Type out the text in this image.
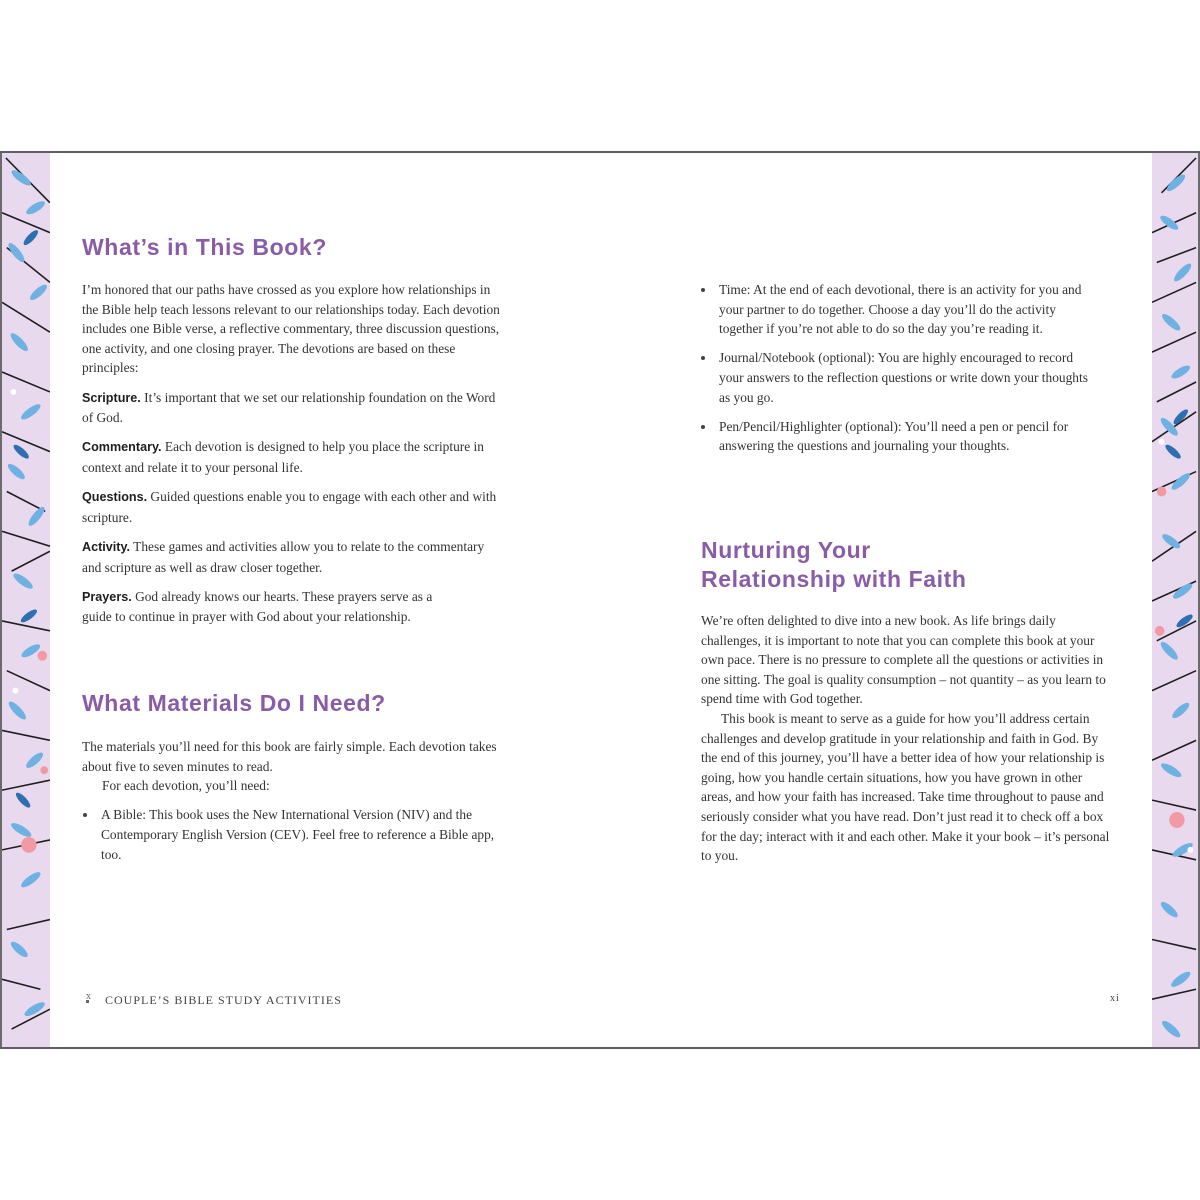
What’s in This Book?

I’m honored that our paths have crossed as you explore how relationships in the Bible help teach lessons relevant to our relationships today. Each devotion includes one Bible verse, a reflective commentary, three discussion questions, one activity, and one closing prayer. The devotions are based on these principles:

Scripture. It’s important that we set our relationship foundation on the Word of God.

Commentary. Each devotion is designed to help you place the scripture in context and relate it to your personal life.

Questions. Guided questions enable you to engage with each other and with scripture.

Activity. These games and activities allow you to relate to the commentary and scripture as well as draw closer together.

Prayers. God already knows our hearts. These prayers serve as a guide to continue in prayer with God about your relationship.

What Materials Do I Need?

The materials you’ll need for this book are fairly simple. Each devotion takes about five to seven minutes to read.

For each devotion, you’ll need:

A Bible: This book uses the New International Version (NIV) and the Contemporary English Version (CEV). Feel free to reference a Bible app, too.
COUPLE’S BIBLE STUDY ACTIVITIES
Time: At the end of each devotional, there is an activity for you and your partner to do together. Choose a day you’ll do the activity together if you’re not able to do so the day you’re reading it.
Journal/Notebook (optional): You are highly encouraged to record your answers to the reflection questions or write down your thoughts as you go.
Pen/Pencil/Highlighter (optional): You’ll need a pen or pencil for answering the questions and journaling your thoughts.
Nurturing Your
Relationship with Faith

We’re often delighted to dive into a new book. As life brings daily challenges, it is important to note that you can complete this book at your own pace. There is no pressure to complete all the questions or activities in one sitting. The goal is quality consumption – not quantity – as you learn to spend time with God together.

This book is meant to serve as a guide for how you’ll address certain challenges and develop gratitude in your relationship and faith in God. By the end of this journey, you’ll have a better idea of how your relationship is going, how you handle certain situations, how you have grown in other areas, and how your faith has increased. Take time throughout to pause and seriously consider what you have read. Don’t just read it to check off a box for the day; interact with it and each other. Make it your book – it’s personal to you.

xi
x
